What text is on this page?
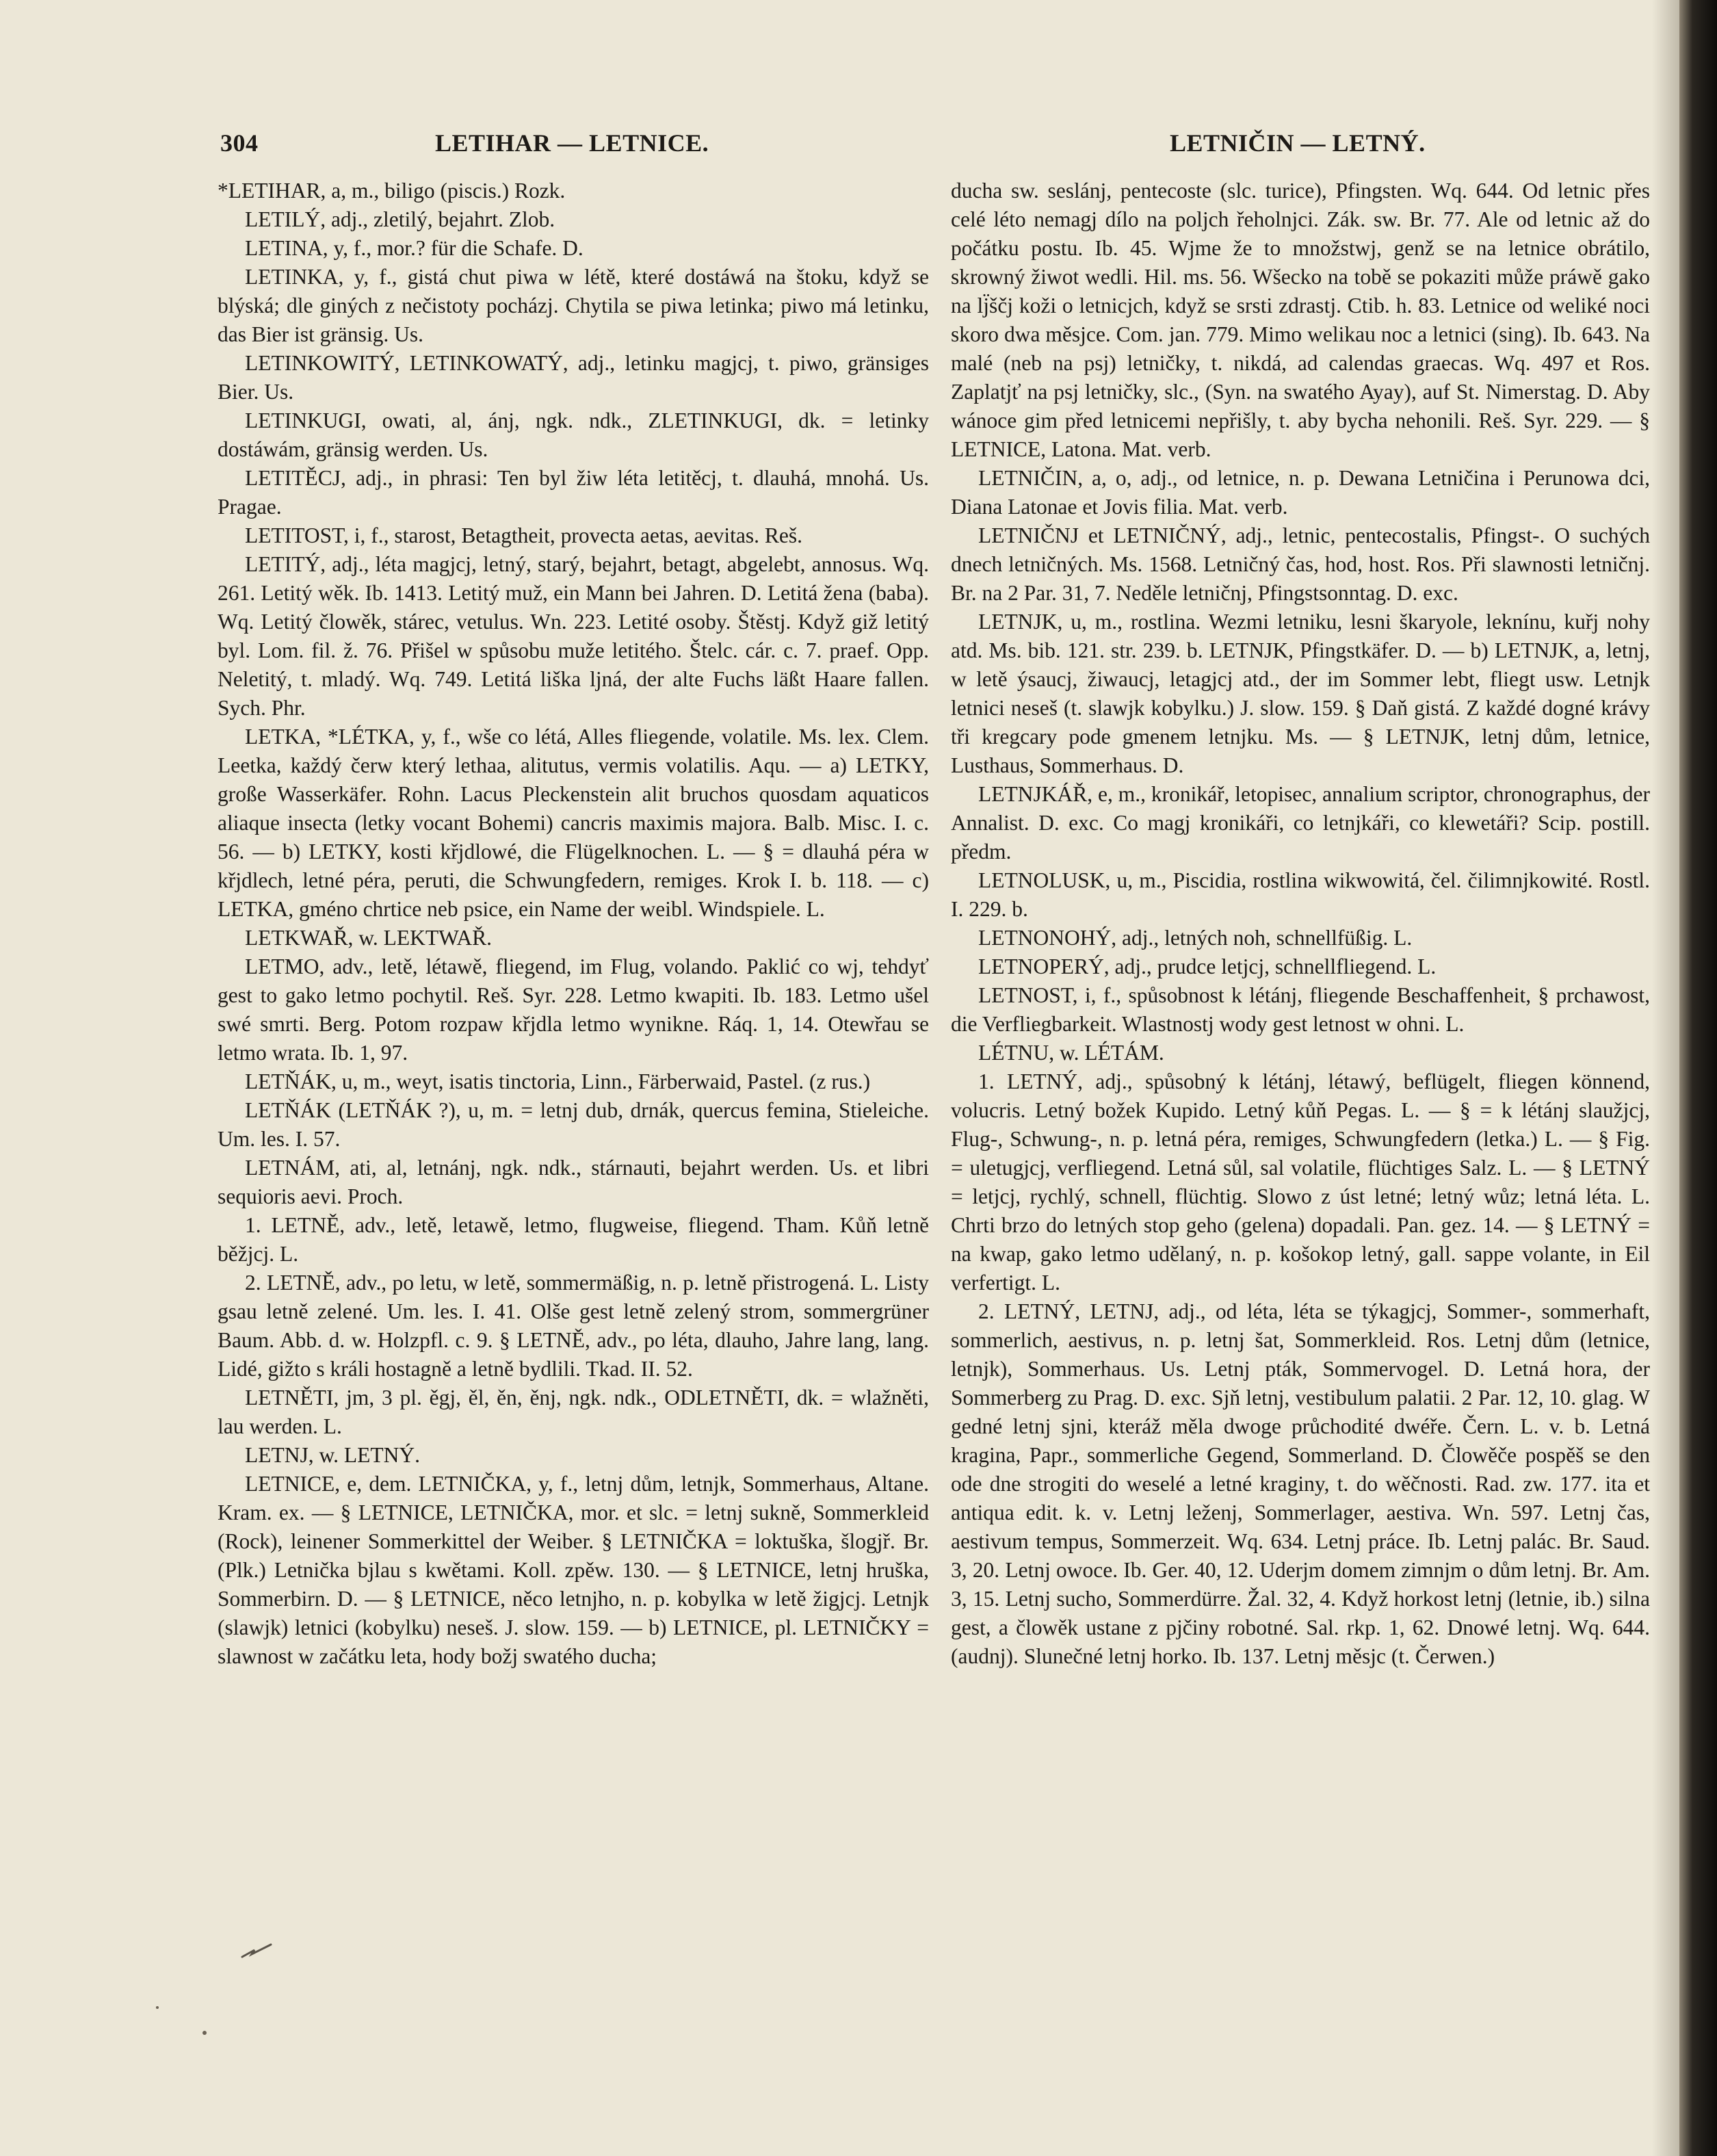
304	LETIHAR — LETNICE.	LETNIČIN — LETNÝ.

*LETIHAR, a, m., biligo (piscis.) Rozk.

LETILÝ, adj., zletilý, bejahrt. Zlob.

LETINA, y, f., mor.? für die Schafe. D.

LETINKA, y, f., gistá chut piwa w létě, které dostáwá na štoku, když se blýská; dle giných z nečistoty pocházj. Chytila se piwa letinka; piwo má letinku, das Bier ist gränsig. Us.

LETINKOWITÝ, LETINKOWATÝ, adj., letinku magjcj, t. piwo, gränsiges Bier. Us.

LETINKUGI, owati, al, ánj, ngk. ndk., ZLETINKUGI, dk. = letinky dostáwám, gränsig werden. Us.

LETITĚCJ, adj., in phrasi: Ten byl žiw léta letitěcj, t. dlauhá, mnohá. Us. Pragae.

LETITOST, i, f., starost, Betagtheit, provecta aetas, aevitas. Reš.

LETITÝ, adj., léta magjcj, letný, starý, bejahrt, betagt, abgelebt, annosus. Wq. 261. Letitý wěk. Ib. 1413. Letitý muž, ein Mann bei Jahren. D. Letitá žena (baba). Wq. Letitý člowěk, stárec, vetulus. Wn. 223. Letité osoby. Štěstj. Když giž letitý byl. Lom. fil. ž. 76. Přišel w spůsobu muže letitého. Štelc. cár. c. 7. praef. Opp. Neletitý, t. mladý. Wq. 749. Letitá liška ljná, der alte Fuchs läßt Haare fallen. Sych. Phr.

LETKA, *LÉTKA, y, f., wše co létá, Alles fliegende, volatile. Ms. lex. Clem. Leetka, každý čerw který lethaa, alitutus, vermis volatilis. Aqu. — a) LETKY, große Wasserkäfer. Rohn. Lacus Pleckenstein alit bruchos quosdam aquaticos aliaque insecta (letky vocant Bohemi) cancris maximis majora. Balb. Misc. I. c. 56. — b) LETKY, kosti křjdlowé, die Flügelknochen. L. — § = dlauhá péra w křjdlech, letné péra, peruti, die Schwungfedern, remiges. Krok I. b. 118. — c) LETKA, gméno chrtice neb psice, ein Name der weibl. Windspiele. L.

LETKWAŘ, w. LEKTWAŘ.

LETMO, adv., letě, létawě, fliegend, im Flug, volando. Paklić co wj, tehdyť gest to gako letmo pochytil. Reš. Syr. 228. Letmo kwapiti. Ib. 183. Letmo ušel swé smrti. Berg. Potom rozpaw křjdla letmo wynikne. Ráq. 1, 14. Otewřau se letmo wrata. Ib. 1, 97.

LETŇÁK, u, m., weyt, isatis tinctoria, Linn., Färberwaid, Pastel. (z rus.)

LETŇÁK (LETŇÁK ?), u, m. = letnj dub, drnák, quercus femina, Stieleiche. Um. les. I. 57.

LETNÁM, ati, al, letnánj, ngk. ndk., stárnauti, bejahrt werden. Us. et libri sequioris aevi. Proch.

1. LETNĚ, adv., letě, letawě, letmo, flugweise, fliegend. Tham. Kůň letně běžjcj. L.

2. LETNĚ, adv., po letu, w letě, sommermäßig, n. p. letně přistrogená. L. Listy gsau letně zelené. Um. les. I. 41. Olše gest letně zelený strom, sommergrüner Baum. Abb. d. w. Holzpfl. c. 9. § LETNĚ, adv., po léta, dlauho, Jahre lang, lang. Lidé, gižto s králi hostagně a letně bydlili. Tkad. II. 52.

LETNĚTI, jm, 3 pl. ěgj, ěl, ěn, ěnj, ngk. ndk., ODLETNĚTI, dk. = wlažněti, lau werden. L.

LETNJ, w. LETNÝ.

LETNICE, e, dem. LETNIČKA, y, f., letnj dům, letnjk, Sommerhaus, Altane. Kram. ex. — § LETNICE, LETNIČKA, mor. et slc. = letnj sukně, Sommerkleid (Rock), leinener Sommerkittel der Weiber. § LETNIČKA = loktuška, šlogjř. Br. (Plk.) Letnička bjlau s kwětami. Koll. zpěw. 130. — § LETNICE, letnj hruška, Sommerbirn. D. — § LETNICE, něco letnjho, n. p. kobylka w letě žigjcj. Letnjk (slawjk) letnici (kobylku) neseš. J. slow. 159. — b) LETNICE, pl. LETNIČKY = slawnost w začátku leta, hody božj swatého ducha;

ducha sw. seslánj, pentecoste (slc. turice), Pfingsten. Wq. 644. Od letnic přes celé léto nemagj dílo na poljch řeholnjci. Zák. sw. Br. 77. Ale od letnic až do počátku postu. Ib. 45. Wjme že to množstwj, genž se na letnice obrátilo, skrowný žiwot wedli. Hil. ms. 56. Wšecko na tobě se pokaziti může práwě gako na lj̈ščj koži o letnicjch, když se srsti zdrastj. Ctib. h. 83. Letnice od weliké noci skoro dwa měsjce. Com. jan. 779. Mimo welikau noc a letnici (sing). Ib. 643. Na malé (neb na psj) letničky, t. nikdá, ad calendas graecas. Wq. 497 et Ros. Zaplatjť na psj letničky, slc., (Syn. na swatého Ayay), auf St. Nimerstag. D. Aby wánoce gim před letnicemi nepřišly, t. aby bycha nehonili. Reš. Syr. 229. — § LETNICE, Latona. Mat. verb.

LETNIČIN, a, o, adj., od letnice, n. p. Dewana Letničina i Perunowa dci, Diana Latonae et Jovis filia. Mat. verb.

LETNIČNJ et LETNIČNÝ, adj., letnic, pentecostalis, Pfingst-. O suchých dnech letničných. Ms. 1568. Letničný čas, hod, host. Ros. Při slawnosti letničnj. Br. na 2 Par. 31, 7. Neděle letničnj, Pfingstsonntag. D. exc.

LETNJK, u, m., rostlina. Wezmi letniku, lesni škaryole, leknínu, kuřj nohy atd. Ms. bib. 121. str. 239. b. LETNJK, Pfingstkäfer. D. — b) LETNJK, a, letnj, w letě ýsaucj, žiwaucj, letagjcj atd., der im Sommer lebt, fliegt usw. Letnjk letnici neseš (t. slawjk kobylku.) J. slow. 159. § Daň gistá. Z každé dogné krávy tři kregcary pode gmenem letnjku. Ms. — § LETNJK, letnj dům, letnice, Lusthaus, Sommerhaus. D.

LETNJKÁŘ, e, m., kronikář, letopisec, annalium scriptor, chronographus, der Annalist. D. exc. Co magj kronikáři, co letnjkáři, co klewetáři? Scip. postill. předm.

LETNOLUSK, u, m., Piscidia, rostlina wikwowitá, čel. čilimnjkowité. Rostl. I. 229. b.

LETNONOHÝ, adj., letných noh, schnellfüßig. L.

LETNOPERÝ, adj., prudce letjcj, schnellfliegend. L.

LETNOST, i, f., spůsobnost k létánj, fliegende Beschaffenheit, § prchawost, die Verfliegbarkeit. Wlastnostj wody gest letnost w ohni. L.

LÉTNU, w. LÉTÁM.

1. LETNÝ, adj., spůsobný k létánj, létawý, beflügelt, fliegen könnend, volucris. Letný božek Kupido. Letný kůň Pegas. L. — § = k létánj slaužjcj, Flug-, Schwung-, n. p. letná péra, remiges, Schwungfedern (letka.) L. — § Fig. = uletugjcj, verfliegend. Letná sůl, sal volatile, flüchtiges Salz. L. — § LETNÝ = letjcj, rychlý, schnell, flüchtig. Slowo z úst letné; letný wůz; letná léta. L. Chrti brzo do letných stop geho (gelena) dopadali. Pan. gez. 14. — § LETNÝ = na kwap, gako letmo udělaný, n. p. košokop letný, gall. sappe volante, in Eil verfertigt. L.

2. LETNÝ, LETNJ, adj., od léta, léta se týkagjcj, Sommer-, sommerhaft, sommerlich, aestivus, n. p. letnj šat, Sommerkleid. Ros. Letnj dům (letnice, letnjk), Sommerhaus. Us. Letnj pták, Sommervogel. D. Letná hora, der Sommerberg zu Prag. D. exc. Sjň letnj, vestibulum palatii. 2 Par. 12, 10. glag. W gedné letnj sjni, kteráž měla dwoge průchodité dwéře. Čern. L. v. b. Letná kragina, Papr., sommerliche Gegend, Sommerland. D. Člowěče pospěš se den ode dne strogiti do weselé a letné kraginy, t. do wěčnosti. Rad. zw. 177. ita et antiqua edit. k. v. Letnj leženj, Sommerlager, aestiva. Wn. 597. Letnj čas, aestivum tempus, Sommerzeit. Wq. 634. Letnj práce. Ib. Letnj palác. Br. Saud. 3, 20. Letnj owoce. Ib. Ger. 40, 12. Uderjm domem zimnjm o dům letnj. Br. Am. 3, 15. Letnj sucho, Sommerdürre. Žal. 32, 4. Když horkost letnj (letnie, ib.) silna gest, a člowěk ustane z pjčiny robotné. Sal. rkp. 1, 62. Dnowé letnj. Wq. 644. (audnj). Slunečné letnj horko. Ib. 137. Letnj měsjc (t. Čerwen.)
